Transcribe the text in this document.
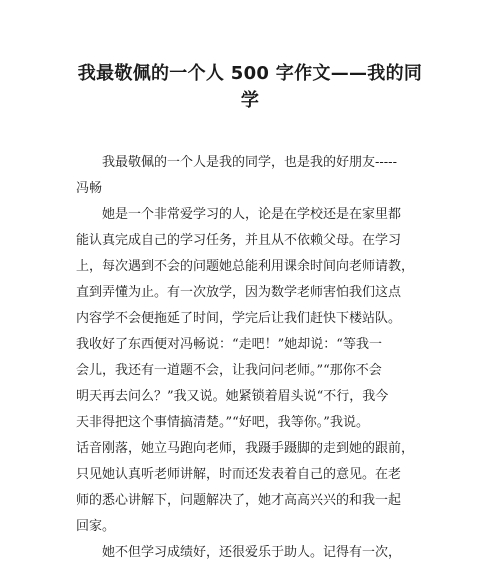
我最敬佩的一个人 500 字作文——我的同
学

我最敬佩的一个人是我的同学，也是我的好朋友-----
冯畅

她是一个非常爱学习的人，论是在学校还是在家里都
能认真完成自己的学习任务，并且从不依赖父母。在学习
上，每次遇到不会的问题她总能利用课余时间向老师请教，
直到弄懂为止。有一次放学，因为数学老师害怕我们这点
内容学不会便拖延了时间，学完后让我们赶快下楼站队。
我收好了东西便对冯畅说：“走吧！”她却说：“等我一
会儿，我还有一道题不会，让我问问老师。”“那你不会
明天再去问么？”我又说。她紧锁着眉头说“不行，我今
天非得把这个事情搞清楚。”“好吧，我等你。”我说。
话音刚落，她立马跑向老师，我蹑手蹑脚的走到她的跟前，
只见她认真听老师讲解，时而还发表着自己的意见。在老
师的悉心讲解下，问题解决了，她才高高兴兴的和我一起
回家。

她不但学习成绩好，还很爱乐于助人。记得有一次，
